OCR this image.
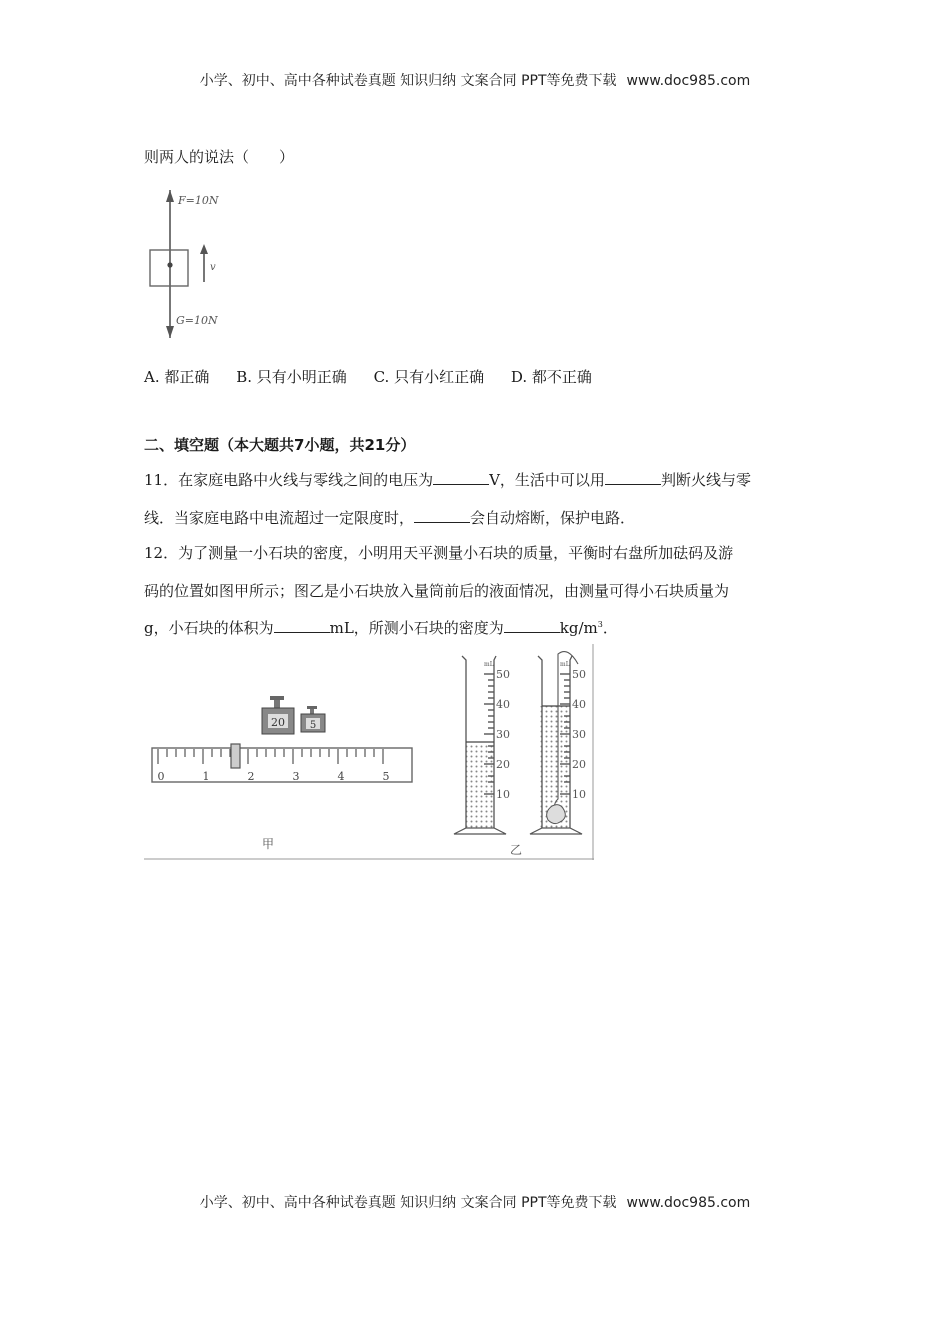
小学、初中、高中各种试卷真题 知识归纳 文案合同 PPT等免费下载 www.doc985.com
则两人的说法（　　）
F=10N
v
G=10N
A. 都正确 B. 只有小明正确 C. 只有小红正确 D. 都不正确
二、填空题（本大题共7小题，共21分）
11．在家庭电路中火线与零线之间的电压为	V，生活中可以用	判断火线与零
线．当家庭电路中电流超过一定限度时，	会自动熔断，保护电路．
12．为了测量一小石块的密度，小明用天平测量小石块的质量，平衡时右盘所加砝码及游
码的位置如图甲所示；图乙是小石块放入量筒前后的液面情况，由测量可得小石块质量为
g，小石块的体积为	mL，所测小石块的密度为	$kg/m^3$．
20 5
0	1	2	3	4	5
甲
mL
50
40
30
20
10
mL
50
40
30
20
10
乙
小学、初中、高中各种试卷真题 知识归纳 文案合同 PPT等免费下载 www.doc985.com
